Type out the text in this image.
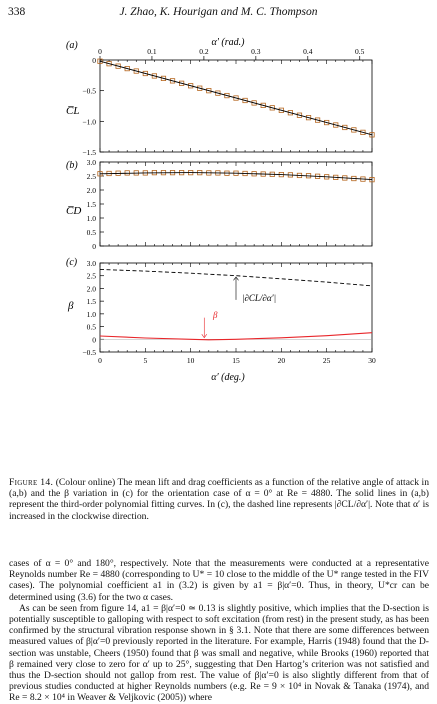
338	J. Zhao, K. Hourigan and M. C. Thompson
−1.5
−1.0
−0.5
0
0	0.1	0.2	0.3	0.4	0.5
0
0.5
1.0
1.5
2.0
2.5
3.0
−0.5
0
0.5
1.0
1.5
2.0
2.5
3.0
0	5	10	15	20	25	30
(a)
(b)
(c)
C̅L
C̅D
β
α′ (rad.)
α′ (deg.)
|∂CL/∂α′|
β
Figure 14. (Colour online) The mean lift and drag coefficients as a function of the relative angle of attack in (a,b) and the β variation in (c) for the orientation case of α = 0° at Re = 4880. The solid lines in (a,b) represent the third-order polynomial fitting curves. In (c), the dashed line represents |∂CL/∂α′|. Note that α′ is increased in the clockwise direction.

cases of α = 0° and 180°, respectively. Note that the measurements were conducted at a representative Reynolds number Re = 4880 (corresponding to U* = 10 close to the middle of the U* range tested in the FIV cases). The polynomial coefficient a1 in (3.2) is given by a1 = β|α′=0. Thus, in theory, U*cr can be determined using (3.6) for the two α cases.

As can be seen from figure 14, a1 = β|α′=0 ≃ 0.13 is slightly positive, which implies that the D-section is potentially susceptible to galloping with respect to soft excitation (from rest) in the present study, as has been confirmed by the structural vibration response shown in § 3.1. Note that there are some differences between measured values of β|α′=0 previously reported in the literature. For example, Harris (1948) found that the D-section was unstable, Cheers (1950) found that β was small and negative, while Brooks (1960) reported that β remained very close to zero for α′ up to 25°, suggesting that Den Hartog’s criterion was not satisfied and thus the D-section should not gallop from rest. The value of β|α′=0 is also slightly different from that of previous studies conducted at higher Reynolds numbers (e.g. Re = 9 × 10⁴ in Novak & Tanaka (1974), and Re = 8.2 × 10⁴ in Weaver & Veljkovic (2005)) where
